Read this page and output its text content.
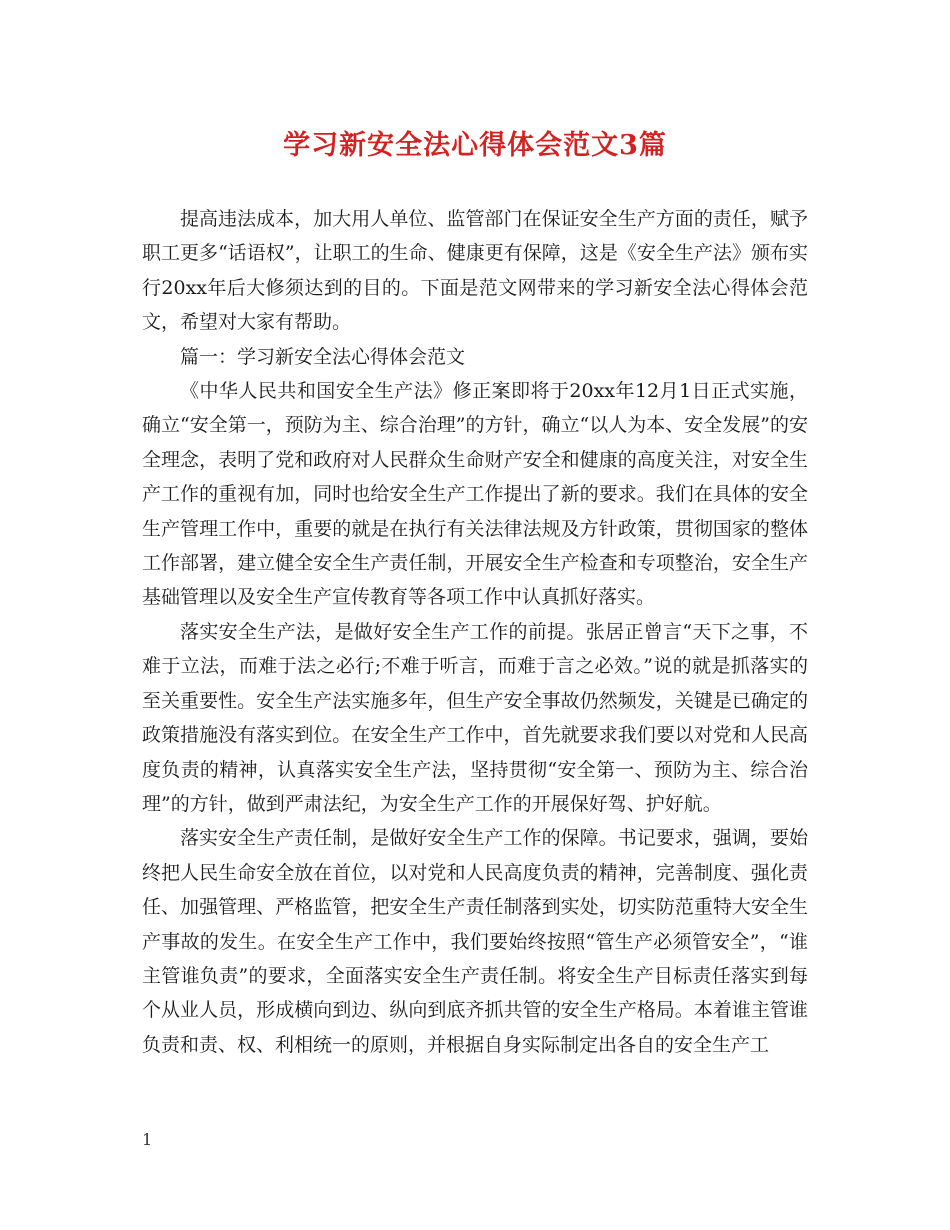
学习新安全法心得体会范文3篇

提高违法成本，加大用人单位、监管部门在保证安全生产方面的责任，赋予职工更多“话语权”，让职工的生命、健康更有保障，这是《安全生产法》颁布实行20xx年后大修须达到的目的。下面是范文网带来的学习新安全法心得体会范文，希望对大家有帮助。

篇一：学习新安全法心得体会范文

《中华人民共和国安全生产法》修正案即将于20xx年12月1日正式实施，确立“安全第一，预防为主、综合治理”的方针，确立“以人为本、安全发展”的安全理念，表明了党和政府对人民群众生命财产安全和健康的高度关注，对安全生产工作的重视有加，同时也给安全生产工作提出了新的要求。我们在具体的安全生产管理工作中，重要的就是在执行有关法律法规及方针政策，贯彻国家的整体工作部署，建立健全安全生产责任制，开展安全生产检查和专项整治，安全生产基础管理以及安全生产宣传教育等各项工作中认真抓好落实。

落实安全生产法，是做好安全生产工作的前提。张居正曾言“天下之事，不难于立法，而难于法之必行;不难于听言，而难于言之必效。”说的就是抓落实的至关重要性。安全生产法实施多年，但生产安全事故仍然频发，关键是已确定的政策措施没有落实到位。在安全生产工作中，首先就要求我们要以对党和人民高度负责的精神，认真落实安全生产法，坚持贯彻“安全第一、预防为主、综合治理”的方针，做到严肃法纪，为安全生产工作的开展保好驾、护好航。

落实安全生产责任制，是做好安全生产工作的保障。书记要求，强调，要始终把人民生命安全放在首位，以对党和人民高度负责的精神，完善制度、强化责任、加强管理、严格监管，把安全生产责任制落到实处，切实防范重特大安全生产事故的发生。在安全生产工作中，我们要始终按照“管生产必须管安全”，“谁主管谁负责”的要求，全面落实安全生产责任制。将安全生产目标责任落实到每个从业人员，形成横向到边、纵向到底齐抓共管的安全生产格局。本着谁主管谁负责和责、权、利相统一的原则，并根据自身实际制定出各自的安全生产工

1
